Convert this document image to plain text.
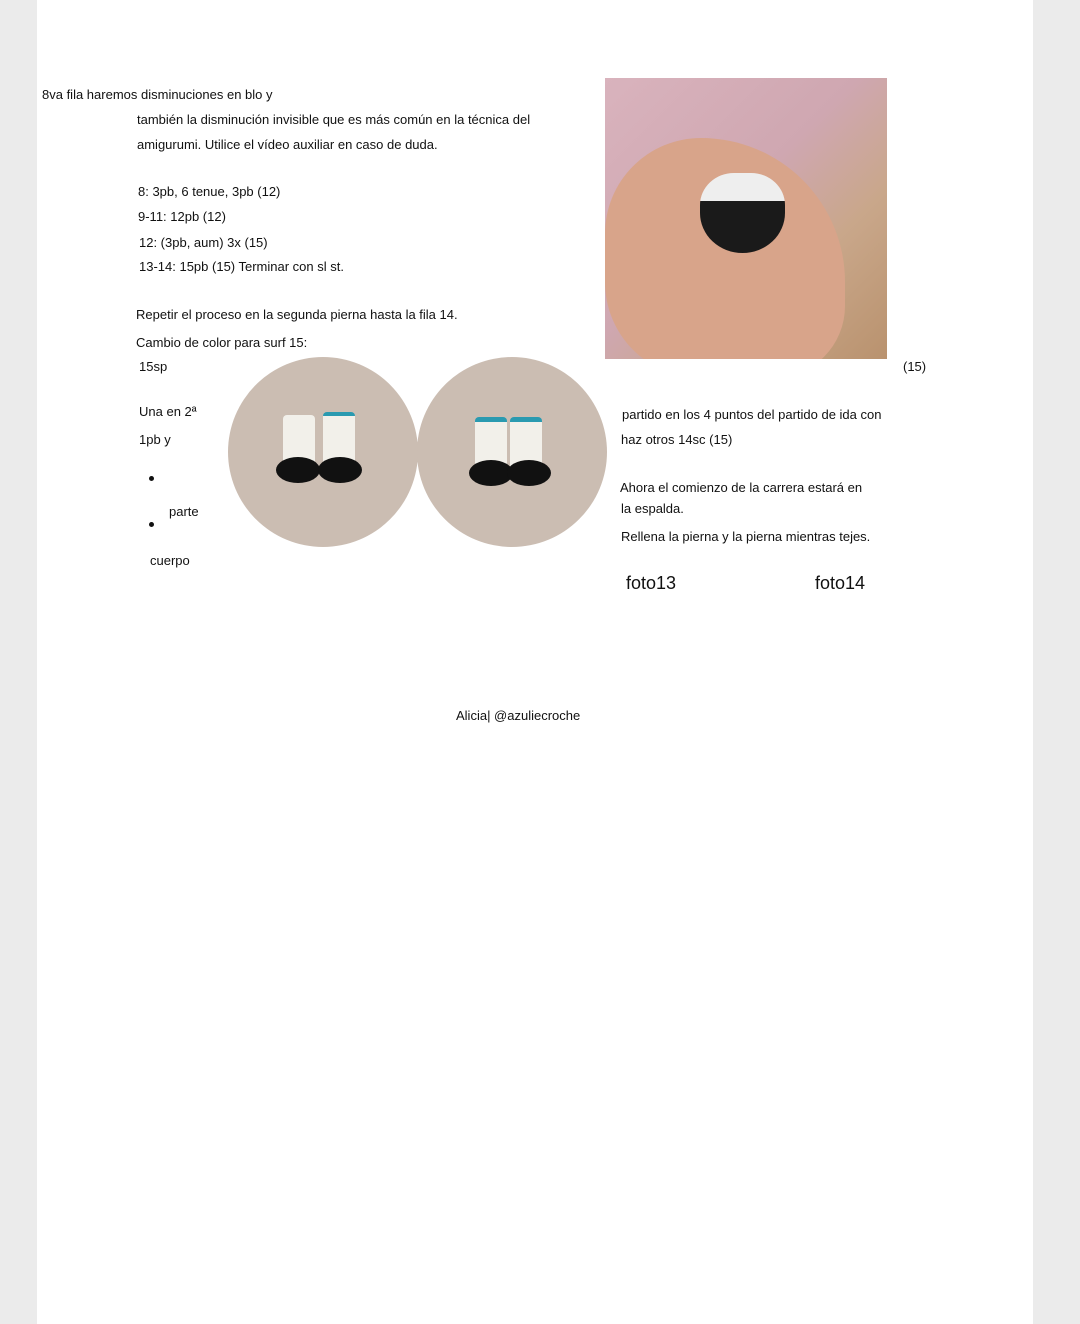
8va fila haremos disminuciones en blo y
también la disminución invisible que es más común en la técnica del
amigurumi. Utilice el vídeo auxiliar en caso de duda.
8: 3pb, 6 tenue, 3pb (12)
9-11: 12pb (12)
12: (3pb, aum) 3x (15)
13-14: 15pb (15) Terminar con sl st.
Repetir el proceso en la segunda pierna hasta la fila 14.
Cambio de color para surf 15:
15sp	(15)
Una en 2ª
1pb y
parte
cuerpo
partido en los 4 puntos del partido de ida con
haz otros 14sc (15)
Ahora el comienzo de la carrera estará en
la espalda.
Rellena la pierna y la pierna mientras tejes.
foto13	foto14
Alicia| @azuliecroche
